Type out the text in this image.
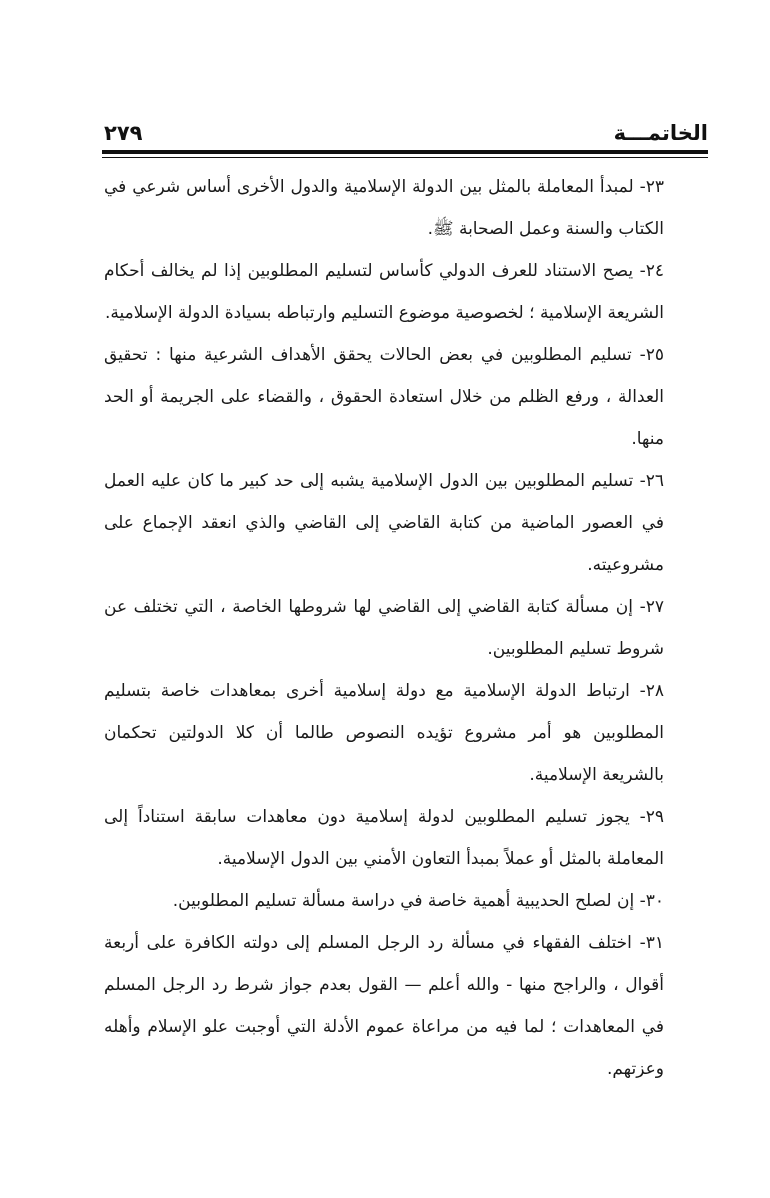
الخاتمـــة
٢٧٩

٢٣- لمبدأ المعاملة بالمثل بين الدولة الإسلامية والدول الأخرى أساس شرعي في الكتاب والسنة وعمل الصحابة ﷺ.

٢٤- يصح الاستناد للعرف الدولي كأساس لتسليم المطلوبين إذا لم يخالف أحكام الشريعة الإسلامية ؛ لخصوصية موضوع التسليم وارتباطه بسيادة الدولة الإسلامية.

٢٥- تسليم المطلوبين في بعض الحالات يحقق الأهداف الشرعية منها : تحقيق العدالة ، ورفع الظلم من خلال استعادة الحقوق ، والقضاء على الجريمة أو الحد منها.

٢٦- تسليم المطلوبين بين الدول الإسلامية يشبه إلى حد كبير ما كان عليه العمل في العصور الماضية من كتابة القاضي إلى القاضي والذي انعقد الإجماع على مشروعيته.

٢٧- إن مسألة كتابة القاضي إلى القاضي لها شروطها الخاصة ، التي تختلف عن شروط تسليم المطلوبين.

٢٨- ارتباط الدولة الإسلامية مع دولة إسلامية أخرى بمعاهدات خاصة بتسليم المطلوبين هو أمر مشروع تؤيده النصوص طالما أن كلا الدولتين تحكمان بالشريعة الإسلامية.

٢٩- يجوز تسليم المطلوبين لدولة إسلامية دون معاهدات سابقة استناداً إلى المعاملة بالمثل أو عملاً بمبدأ التعاون الأمني بين الدول الإسلامية.

٣٠- إن لصلح الحديبية أهمية خاصة في دراسة مسألة تسليم المطلوبين.

٣١- اختلف الفقهاء في مسألة رد الرجل المسلم إلى دولته الكافرة على أربعة أقوال ، والراجح منها - والله أعلم — القول بعدم جواز شرط رد الرجل المسلم في المعاهدات ؛ لما فيه من مراعاة عموم الأدلة التي أوجبت علو الإسلام وأهله وعزتهم.
